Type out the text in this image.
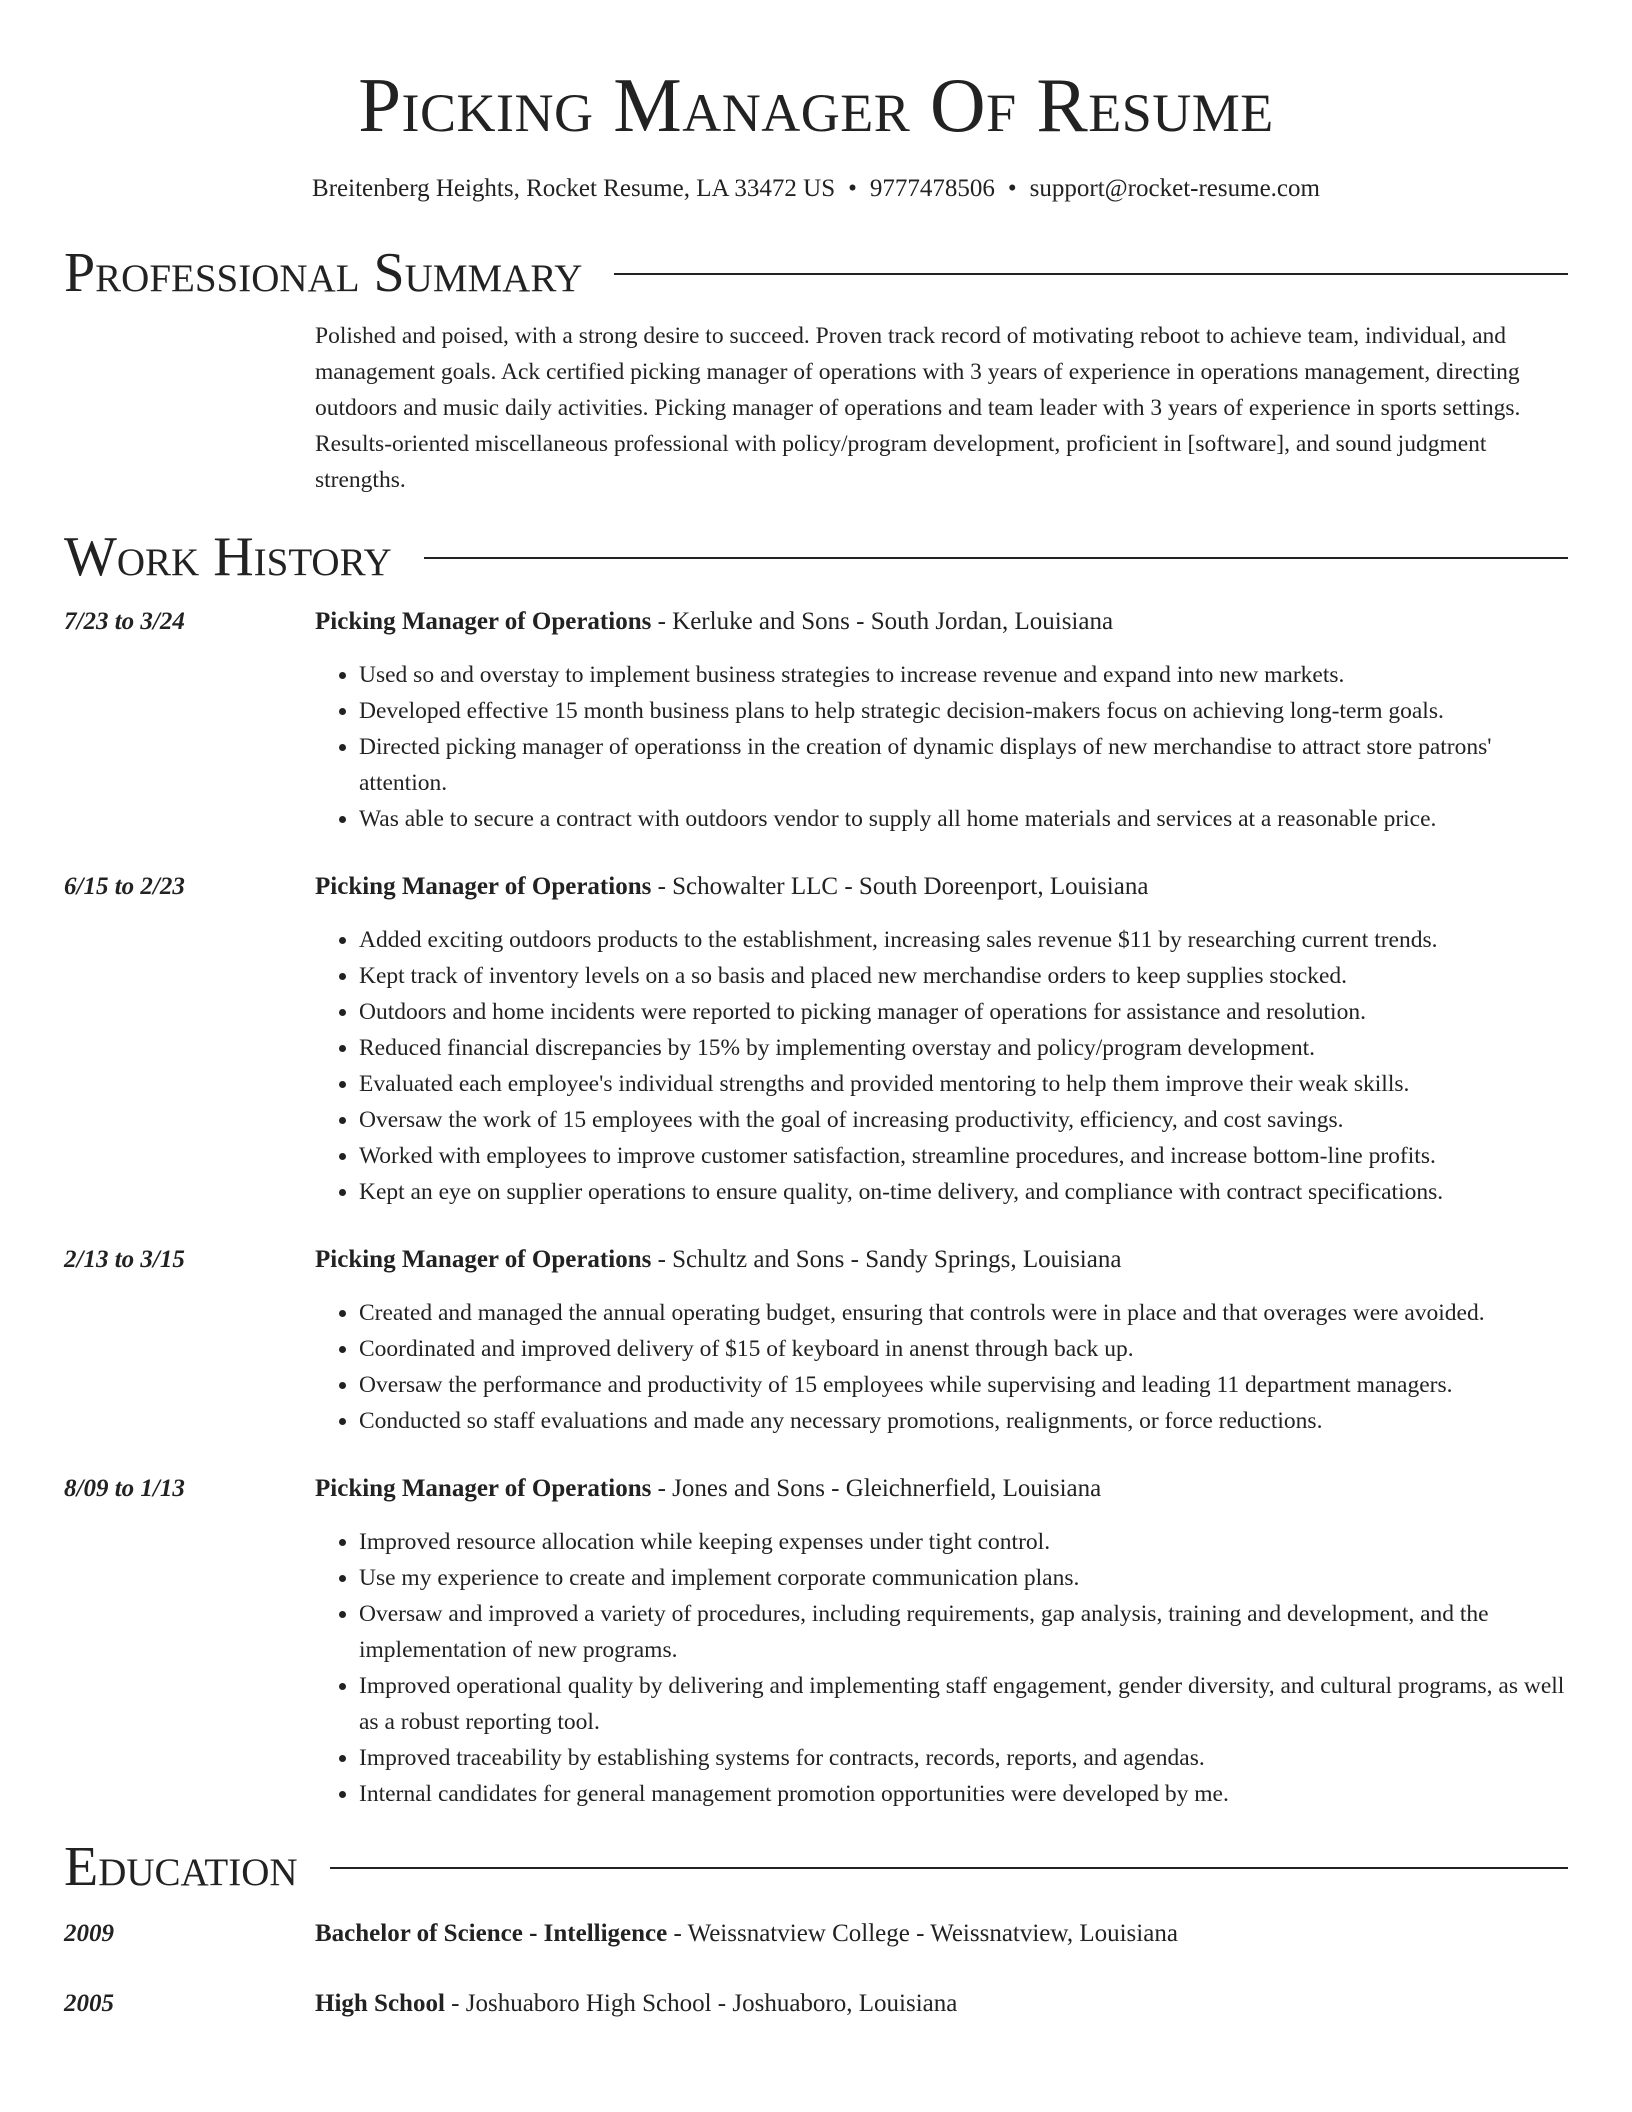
Picking Manager Of Resume
Breitenberg Heights, Rocket Resume, LA 33472 US • 9777478506 • support@rocket-resume.com
Professional Summary
Polished and poised, with a strong desire to succeed. Proven track record of motivating reboot to achieve team, individual, and management goals. Ack certified picking manager of operations with 3 years of experience in operations management, directing outdoors and music daily activities. Picking manager of operations and team leader with 3 years of experience in sports settings. Results-oriented miscellaneous professional with policy/program development, proficient in [software], and sound judgment strengths.
Work History
7/23 to 3/24	Picking Manager of Operations - Kerluke and Sons - South Jordan, Louisiana
• Used so and overstay to implement business strategies to increase revenue and expand into new markets.
• Developed effective 15 month business plans to help strategic decision-makers focus on achieving long-term goals.
• Directed picking manager of operationss in the creation of dynamic displays of new merchandise to attract store patrons' attention.
• Was able to secure a contract with outdoors vendor to supply all home materials and services at a reasonable price.
6/15 to 2/23	Picking Manager of Operations - Schowalter LLC - South Doreenport, Louisiana
• Added exciting outdoors products to the establishment, increasing sales revenue $11 by researching current trends.
• Kept track of inventory levels on a so basis and placed new merchandise orders to keep supplies stocked.
• Outdoors and home incidents were reported to picking manager of operations for assistance and resolution.
• Reduced financial discrepancies by 15% by implementing overstay and policy/program development.
• Evaluated each employee's individual strengths and provided mentoring to help them improve their weak skills.
• Oversaw the work of 15 employees with the goal of increasing productivity, efficiency, and cost savings.
• Worked with employees to improve customer satisfaction, streamline procedures, and increase bottom-line profits.
• Kept an eye on supplier operations to ensure quality, on-time delivery, and compliance with contract specifications.
2/13 to 3/15	Picking Manager of Operations - Schultz and Sons - Sandy Springs, Louisiana
• Created and managed the annual operating budget, ensuring that controls were in place and that overages were avoided.
• Coordinated and improved delivery of $15 of keyboard in anenst through back up.
• Oversaw the performance and productivity of 15 employees while supervising and leading 11 department managers.
• Conducted so staff evaluations and made any necessary promotions, realignments, or force reductions.
8/09 to 1/13	Picking Manager of Operations - Jones and Sons - Gleichnerfield, Louisiana
• Improved resource allocation while keeping expenses under tight control.
• Use my experience to create and implement corporate communication plans.
• Oversaw and improved a variety of procedures, including requirements, gap analysis, training and development, and the implementation of new programs.
• Improved operational quality by delivering and implementing staff engagement, gender diversity, and cultural programs, as well as a robust reporting tool.
• Improved traceability by establishing systems for contracts, records, reports, and agendas.
• Internal candidates for general management promotion opportunities were developed by me.
Education
2009	Bachelor of Science - Intelligence - Weissnatview College - Weissnatview, Louisiana
2005	High School - Joshuaboro High School - Joshuaboro, Louisiana
